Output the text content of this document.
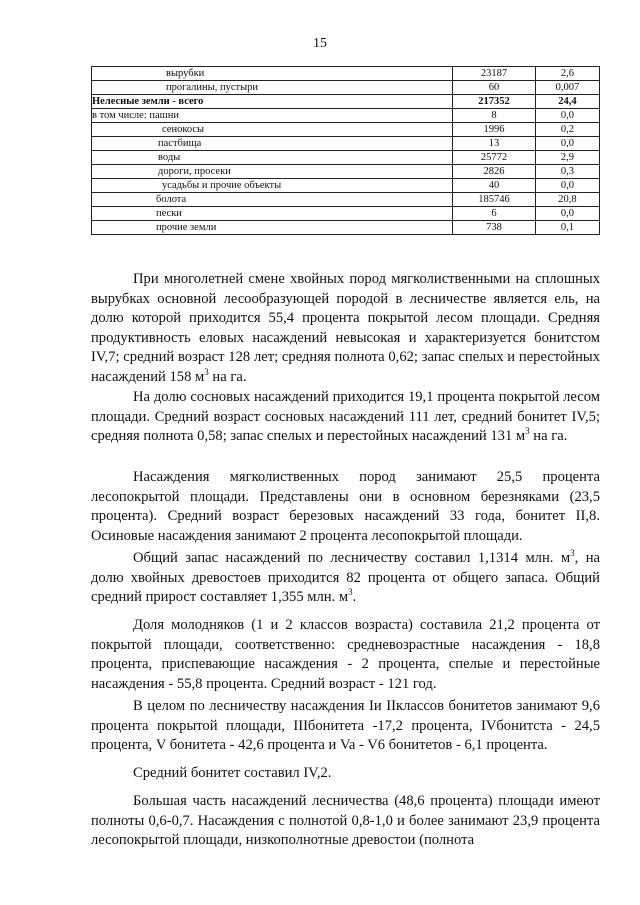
15
вырубки	23187	2,6
прогалины, пустыри	60	0,007
Нелесные земли - всего	217352	24,4
в том числе: пашни	8	0,0
сенокосы	1996	0,2
пастбища	13	0,0
воды	25772	2,9
дороги, просеки	2826	0,3
усадьбы и прочие объекты	40	0,0
болота	185746	20,8
пески	6	0,0
прочие земли	738	0,1

При многолетней смене хвойных пород мягколиственными на сплошных вырубках основной лесообразующей породой в лесничестве является ель, на долю которой приходится 55,4 процента покрытой лесом площади. Средняя продуктивность еловых насаждений невысокая и характеризуется бонитстом IV,7; средний возраст 128 лет; средняя полнота 0,62; запас спелых и перестойных насаждений 158 $м^3$ на га.

На долю сосновых насаждений приходится 19,1 процента покрытой лесом площади. Средний возраст сосновых насаждений 111 лет, средний бонитет IV,5; средняя полнота 0,58; запас спелых и перестойных насаждений 131 $м^3$ на га.

Насаждения мягколиственных пород занимают 25,5 процента лесопокрытой площади. Представлены они в основном березняками (23,5 процента). Средний возраст березовых насаждений 33 года, бонитет II,8. Осиновые насаждения занимают 2 процента лесопокрытой площади.

Общий запас насаждений по лесничеству составил 1,1314 млн. $м^3$, на долю хвойных древостоев приходится 82 процента от общего запаса. Общий средний прирост составляет 1,355 млн. $м^3$.

Доля молодняков (1 и 2 классов возраста) составила 21,2 процента от покрытой площади, соответственно: средневозрастные насаждения - 18,8 процента, приспевающие насаждения - 2 процента, спелые и перестойные насаждения - 55,8 процента. Средний возраст - 121 год.

В целом по лесничеству насаждения Iи IIклассов бонитетов занимают 9,6 процента покрытой площади, IIIбонитета -17,2 процента, IVбонитста - 24,5 процента, V бонитета - 42,6 процента и Va - V6 бонитетов - 6,1 процента.

Средний бонитет составил IV,2.

Большая часть насаждений лесничества (48,6 процента) площади имеют полноты 0,6-0,7. Насаждения с полнотой 0,8-1,0 и более занимают 23,9 процента лесопокрытой площади, низкополнотные древостои (полнота
